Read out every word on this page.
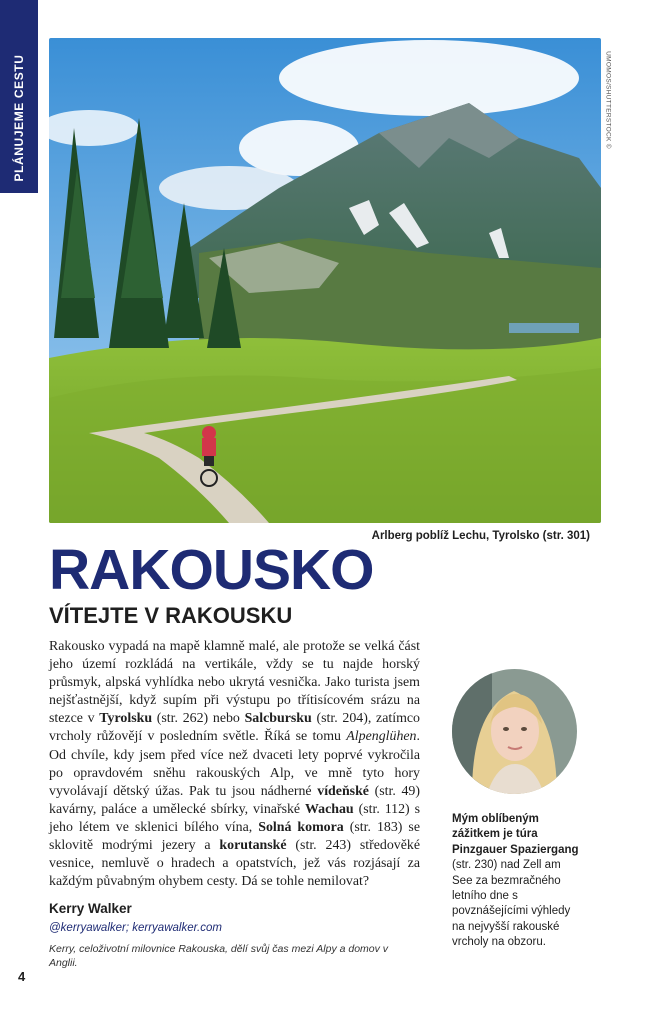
PLÁNUJEME CESTU	UMOMOS/SHUTTERSTOCK ©
Arlberg poblíž Lechu, Tyrolsko (str. 301)
RAKOUSKO
VÍTEJTE V RAKOUSKU

Rakousko vypadá na mapě klamně malé, ale protože se velká část jeho území rozkládá na vertikále, vždy se tu najde horský průsmyk, alpská vyhlídka nebo ukrytá vesnička. Jako turista jsem nejšťastnější, když supím při výstupu po třítisícovém srázu na stezce v Tyrolsku (str. 262) nebo Salcbursku (str. 204), zatímco vrcholy růžovějí v posledním světle. Říká se tomu Alpenglühen. Od chvíle, kdy jsem před více než dvaceti lety poprvé vykročila po opravdovém sněhu rakouských Alp, ve mně tyto hory vyvolávají dětský úžas. Pak tu jsou nádherné vídeňské (str. 49) kavárny, paláce a umělecké sbírky, vinařské Wachau (str. 112) s jeho létem ve sklenici bílého vína, Solná komora (str. 183) se sklovitě modrými jezery a korutanské (str. 243) středověké vesnice, nemluvě o hradech a opatstvích, jež vás rozjásají za každým půvabným ohybem cesty. Dá se tohle nemilovat?

Kerry Walker
@kerryawalker; kerryawalker.com
Kerry, celoživotní milovnice Rakouska, dělí svůj čas mezi Alpy a domov v Anglii.

Mým oblíbeným zážitkem je túra Pinzgauer Spaziergang (str. 230) nad Zell am See za bezmračného letního dne s povznášejícími výhledy na nejvyšší rakouské vrcholy na obzoru.

4
